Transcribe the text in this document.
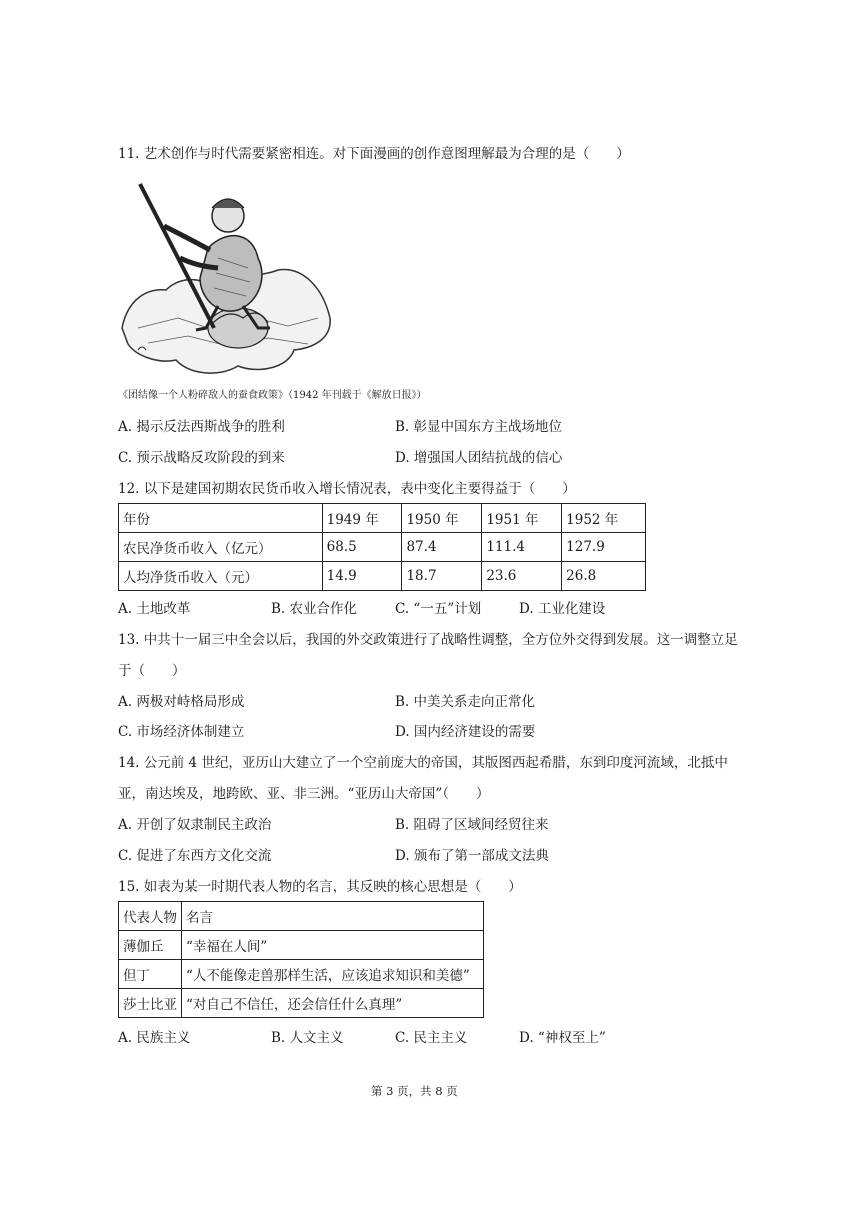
11. 艺术创作与时代需要紧密相连。对下面漫画的创作意图理解最为合理的是（　　）
《团结像一个人粉碎敌人的蚕食政策》（1942 年刊载于《解放日报》）
A. 揭示反法西斯战争的胜利	B. 彰显中国东方主战场地位
C. 预示战略反攻阶段的到来	D. 增强国人团结抗战的信心
12. 以下是建国初期农民货币收入增长情况表，表中变化主要得益于（　　）
年份	1949 年	1950 年	1951 年	1952 年
农民净货币收入（亿元）	68.5	87.4	111.4	127.9
人均净货币收入（元）	14.9	18.7	23.6	26.8
A. 土地改革	B. 农业合作化	C. “一五”计划	D. 工业化建设
13. 中共十一届三中全会以后，我国的外交政策进行了战略性调整，全方位外交得到发展。这一调整立足
于（　　）
A. 两极对峙格局形成	B. 中美关系走向正常化
C. 市场经济体制建立	D. 国内经济建设的需要
14. 公元前 4 世纪，亚历山大建立了一个空前庞大的帝国，其版图西起希腊，东到印度河流域，北抵中
亚，南达埃及，地跨欧、亚、非三洲。“亚历山大帝国”（　　）
A. 开创了奴隶制民主政治	B. 阻碍了区域间经贸往来
C. 促进了东西方文化交流	D. 颁布了第一部成文法典
15. 如表为某一时期代表人物的名言，其反映的核心思想是（　　）
代表人物	名言
薄伽丘	“幸福在人间”
但丁	“人不能像走兽那样生活，应该追求知识和美德”
莎士比亚	“对自己不信任，还会信任什么真理”
A. 民族主义	B. 人文主义	C. 民主主义	D. “神权至上”
第 3 页，共 8 页
